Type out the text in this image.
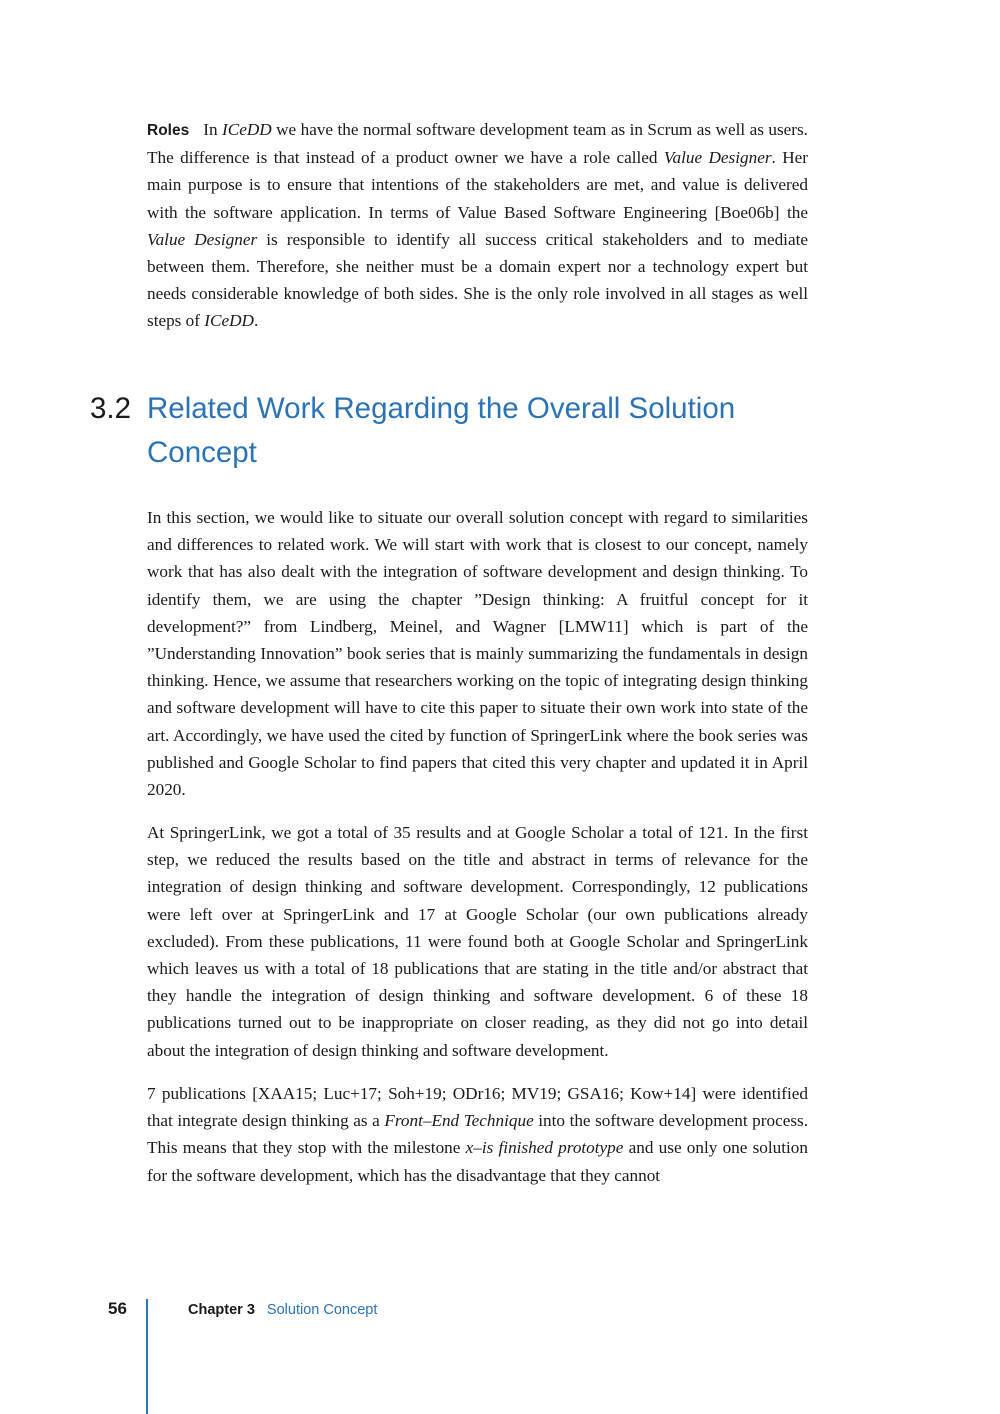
Roles In ICeDD we have the normal software development team as in Scrum as well as users. The difference is that instead of a product owner we have a role called Value Designer. Her main purpose is to ensure that intentions of the stakeholders are met, and value is delivered with the software application. In terms of Value Based Software Engineering [Boe06b] the Value Designer is responsible to identify all success critical stakeholders and to mediate between them. Therefore, she neither must be a domain expert nor a technology expert but needs considerable knowledge of both sides. She is the only role involved in all stages as well steps of ICeDD.

3.2 Related Work Regarding the Overall Solution Concept

In this section, we would like to situate our overall solution concept with regard to similarities and differences to related work. We will start with work that is closest to our concept, namely work that has also dealt with the integration of software development and design thinking. To identify them, we are using the chapter ”Design thinking: A fruitful concept for it development?” from Lindberg, Meinel, and Wagner [LMW11] which is part of the ”Understanding Innovation” book series that is mainly summarizing the fundamentals in design thinking. Hence, we assume that researchers working on the topic of integrating design thinking and software development will have to cite this paper to situate their own work into state of the art. Accordingly, we have used the cited by function of SpringerLink where the book series was published and Google Scholar to find papers that cited this very chapter and updated it in April 2020.

At SpringerLink, we got a total of 35 results and at Google Scholar a total of 121. In the first step, we reduced the results based on the title and abstract in terms of relevance for the integration of design thinking and software development. Correspondingly, 12 publications were left over at SpringerLink and 17 at Google Scholar (our own publications already excluded). From these publications, 11 were found both at Google Scholar and SpringerLink which leaves us with a total of 18 publications that are stating in the title and/or abstract that they handle the integration of design thinking and software development. 6 of these 18 publications turned out to be inappropriate on closer reading, as they did not go into detail about the integration of design thinking and software development.

7 publications [XAA15; Luc+17; Soh+19; ODr16; MV19; GSA16; Kow+14] were identified that integrate design thinking as a Front–End Technique into the software development process. This means that they stop with the milestone x–is finished prototype and use only one solution for the software development, which has the disadvantage that they cannot

56	Chapter 3 Solution Concept
